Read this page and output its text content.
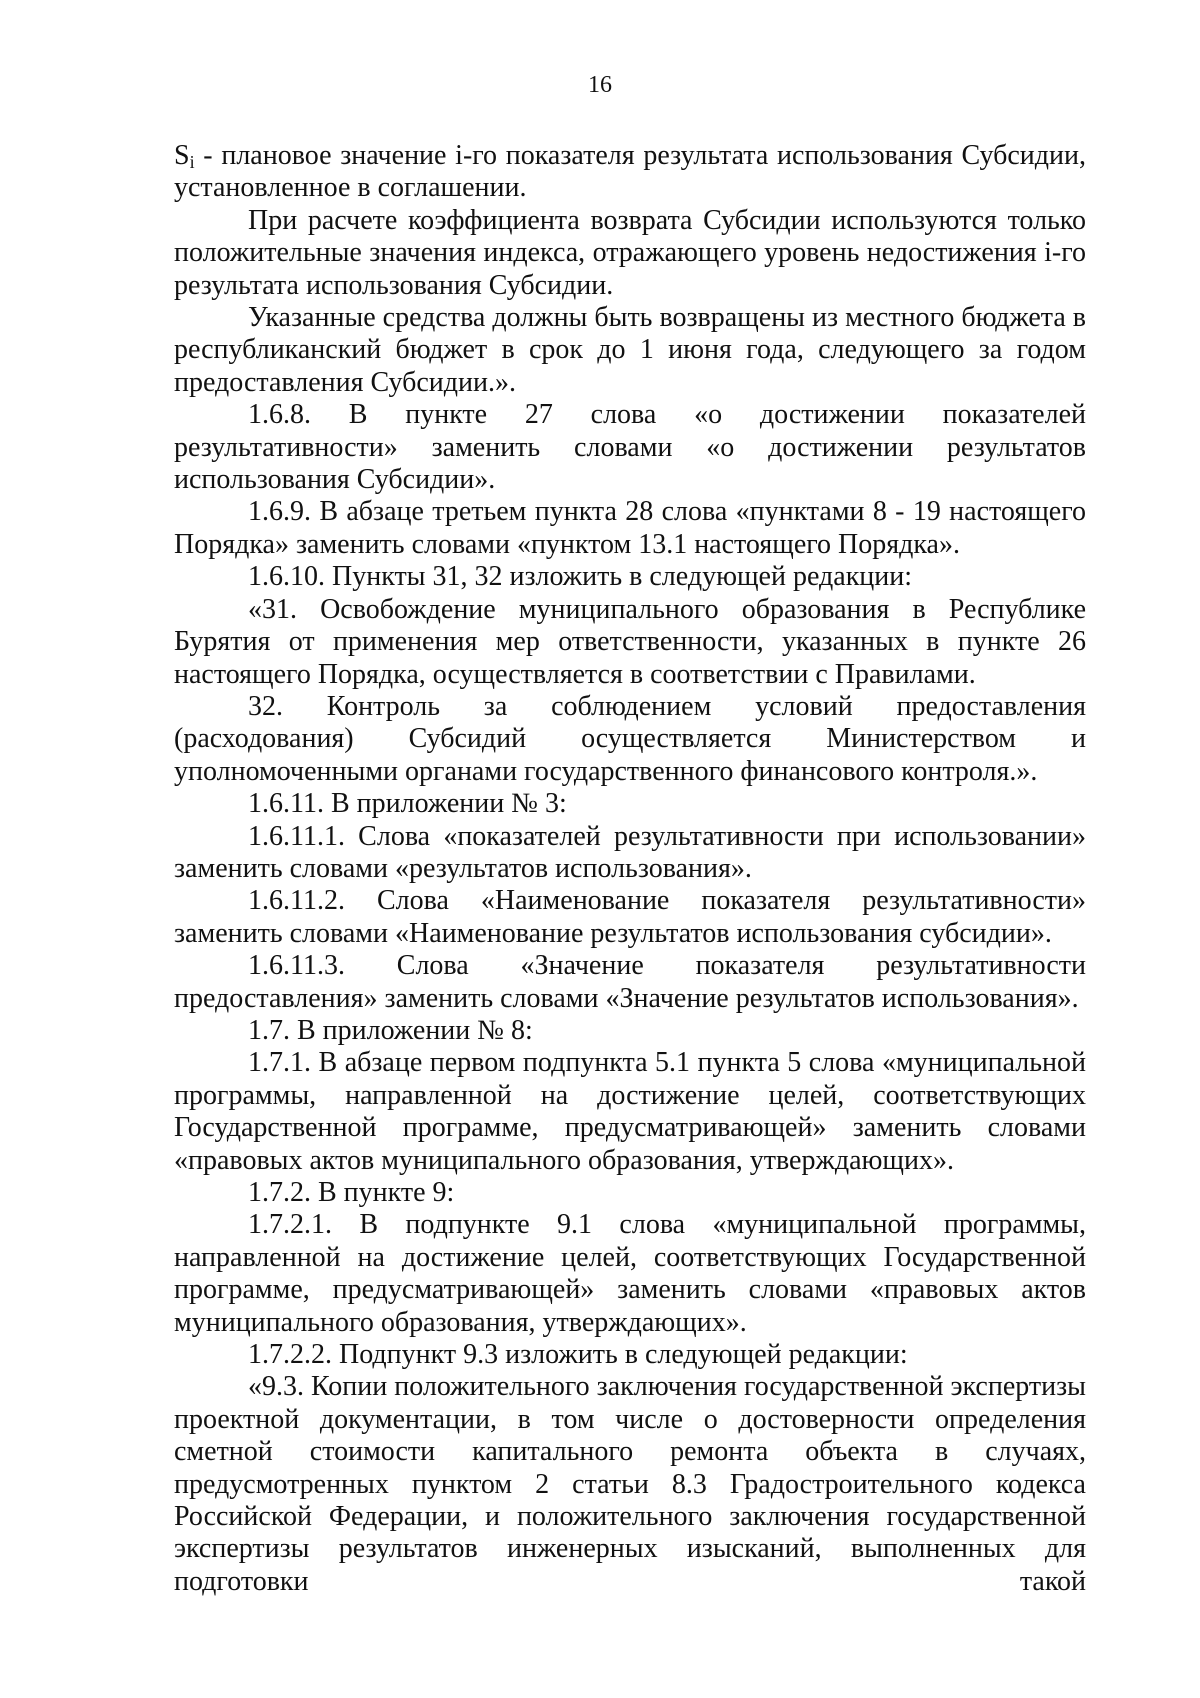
16

$S_i$ - плановое значение i-го показателя результата использования Субсидии, установленное в соглашении.

При расчете коэффициента возврата Субсидии используются только положительные значения индекса, отражающего уровень недостижения i-го результата использования Субсидии.

Указанные средства должны быть возвращены из местного бюджета в республиканский бюджет в срок до 1 июня года, следующего за годом предоставления Субсидии.».

1.6.8. В пункте 27 слова «о достижении показателей результативности» заменить словами «о достижении результатов использования Субсидии».

1.6.9. В абзаце третьем пункта 28 слова «пунктами 8 - 19 настоящего Порядка» заменить словами «пунктом 13.1 настоящего Порядка».

1.6.10. Пункты 31, 32 изложить в следующей редакции:

«31. Освобождение муниципального образования в Республике Бурятия от применения мер ответственности, указанных в пункте 26 настоящего Порядка, осуществляется в соответствии с Правилами.

32. Контроль за соблюдением условий предоставления (расходования) Субсидий осуществляется Министерством и уполномоченными органами государственного финансового контроля.».

1.6.11. В приложении № 3:

1.6.11.1. Слова «показателей результативности при использовании» заменить словами «результатов использования».

1.6.11.2. Слова «Наименование показателя результативности» заменить словами «Наименование результатов использования субсидии».

1.6.11.3. Слова «Значение показателя результативности предоставления» заменить словами «Значение результатов использования».

1.7. В приложении № 8:

1.7.1. В абзаце первом подпункта 5.1 пункта 5 слова «муниципальной программы, направленной на достижение целей, соответствующих Государственной программе, предусматривающей» заменить словами «правовых актов муниципального образования, утверждающих».

1.7.2. В пункте 9:

1.7.2.1. В подпункте 9.1 слова «муниципальной программы, направленной на достижение целей, соответствующих Государственной программе, предусматривающей» заменить словами «правовых актов муниципального образования, утверждающих».

1.7.2.2. Подпункт 9.3 изложить в следующей редакции:

«9.3. Копии положительного заключения государственной экспертизы проектной документации, в том числе о достоверности определения сметной стоимости капитального ремонта объекта в случаях, предусмотренных пунктом 2 статьи 8.3 Градостроительного кодекса Российской Федерации, и положительного заключения государственной экспертизы результатов инженерных изысканий, выполненных для подготовки такой
